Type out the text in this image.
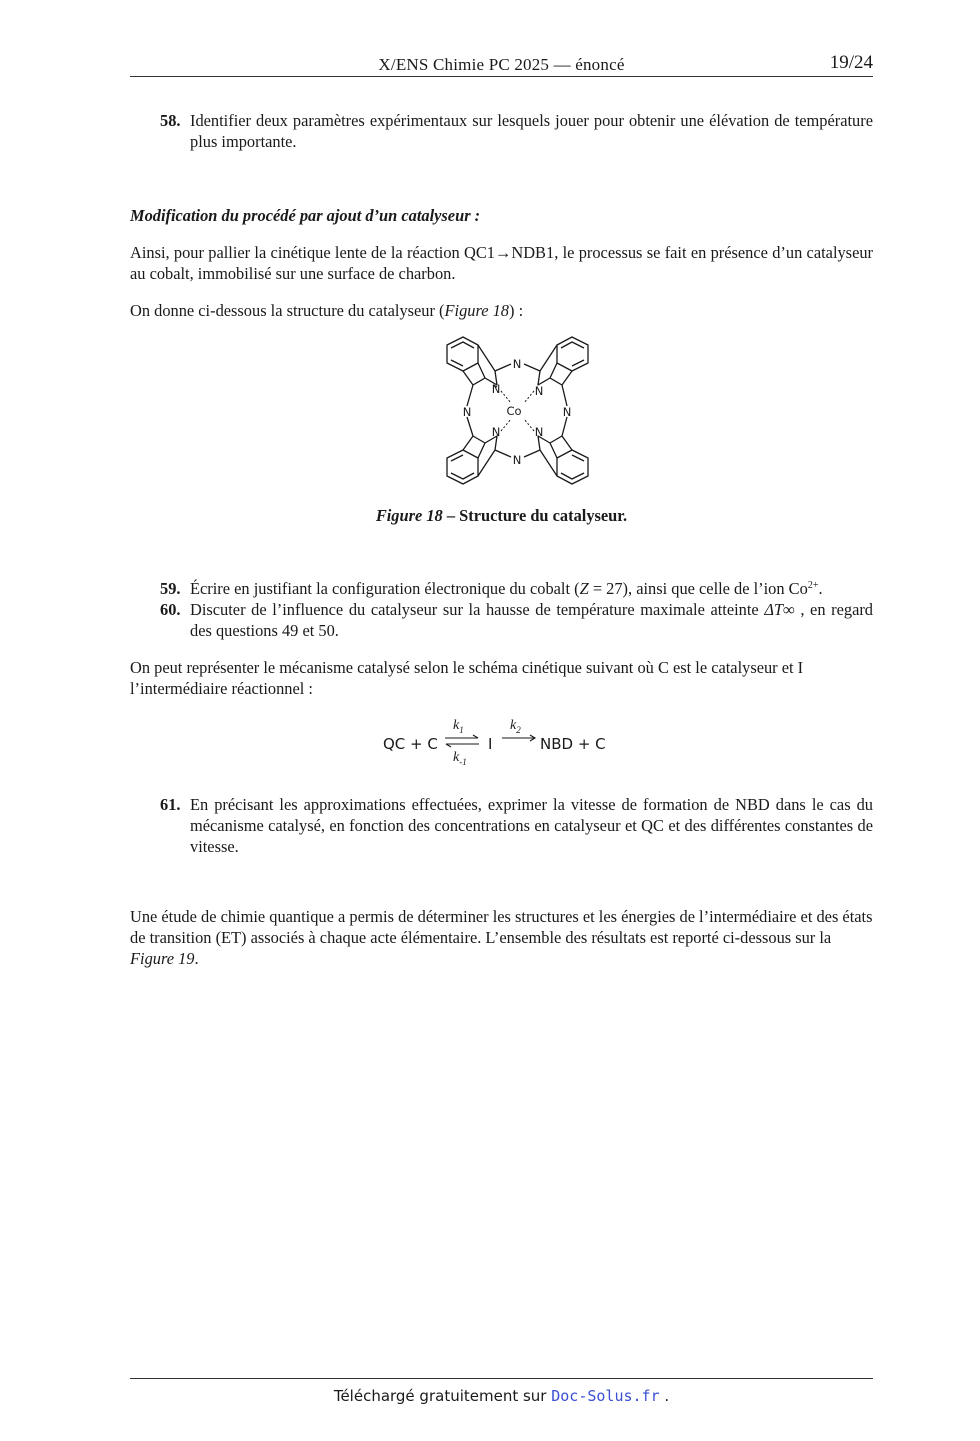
X/ENS Chimie PC 2025 — énoncé	19/24
58. Identifier deux paramètres expérimentaux sur lesquels jouer pour obtenir une élévation de température plus importante.
Modification du procédé par ajout d’un catalyseur :
Ainsi, pour pallier la cinétique lente de la réaction QC1→NDB1, le processus se fait en présence d’un catalyseur au cobalt, immobilisé sur une surface de charbon.
On donne ci-dessous la structure du catalyseur (Figure 18) :
N
N	N
N
N	N
N	N
Co
Figure 18 – Structure du catalyseur.
59. Écrire en justifiant la configuration électronique du cobalt (Z = 27), ainsi que celle de l’ion $Co^{2+}$.
60. Discuter de l’influence du catalyseur sur la hausse de température maximale atteinte ΔT∞ , en regard des questions 49 et 50.
On peut représenter le mécanisme catalysé selon le schéma cinétique suivant où C est le catalyseur et I l’intermédiaire réactionnel :
QC + C
$k_1$
$k_{-1}$
I
$k_2$
NBD + C
61. En précisant les approximations effectuées, exprimer la vitesse de formation de NBD dans le cas du mécanisme catalysé, en fonction des concentrations en catalyseur et QC et des différentes constantes de vitesse.
Une étude de chimie quantique a permis de déterminer les structures et les énergies de l’intermédiaire et des états de transition (ET) associés à chaque acte élémentaire. L’ensemble des résultats est reporté ci-dessous sur la Figure 19.
Téléchargé gratuitement sur Doc-Solus.fr .
